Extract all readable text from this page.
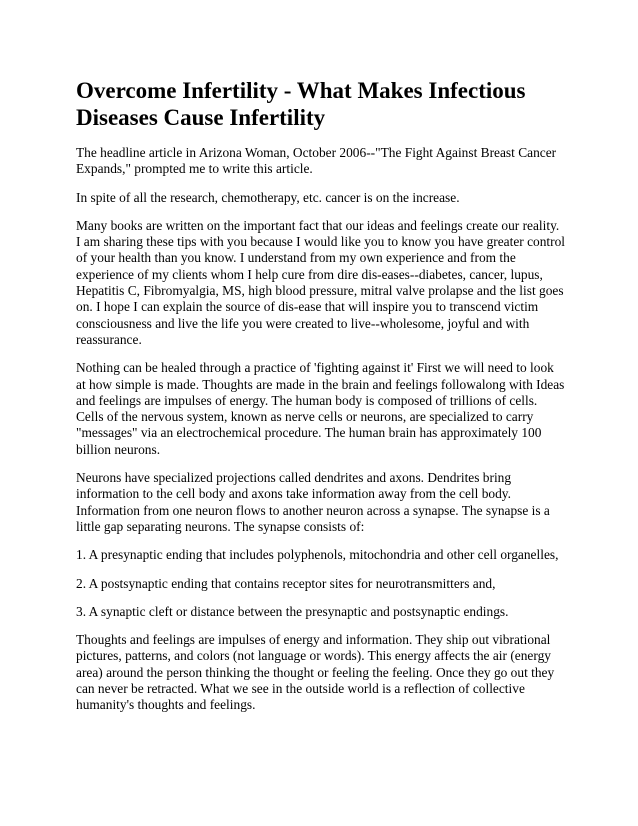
Overcome Infertility - What Makes Infectious Diseases Cause Infertility

The headline article in Arizona Woman, October 2006--"The Fight Against Breast Cancer Expands," prompted me to write this article.

In spite of all the research, chemotherapy, etc. cancer is on the increase.

Many books are written on the important fact that our ideas and feelings create our reality. I am sharing these tips with you because I would like you to know you have greater control of your health than you know. I understand from my own experience and from the experience of my clients whom I help cure from dire dis-eases--diabetes, cancer, lupus, Hepatitis C, Fibromyalgia, MS, high blood pressure, mitral valve prolapse and the list goes on. I hope I can explain the source of dis-ease that will inspire you to transcend victim consciousness and live the life you were created to live--wholesome, joyful and with reassurance.

Nothing can be healed through a practice of 'fighting against it' First we will need to look at how simple is made. Thoughts are made in the brain and feelings followalong with Ideas and feelings are impulses of energy. The human body is composed of trillions of cells. Cells of the nervous system, known as nerve cells or neurons, are specialized to carry "messages" via an electrochemical procedure. The human brain has approximately 100 billion neurons.

Neurons have specialized projections called dendrites and axons. Dendrites bring information to the cell body and axons take information away from the cell body. Information from one neuron flows to another neuron across a synapse. The synapse is a little gap separating neurons. The synapse consists of:

1. A presynaptic ending that includes polyphenols, mitochondria and other cell organelles,

2. A postsynaptic ending that contains receptor sites for neurotransmitters and,

3. A synaptic cleft or distance between the presynaptic and postsynaptic endings.

Thoughts and feelings are impulses of energy and information. They ship out vibrational pictures, patterns, and colors (not language or words). This energy affects the air (energy area) around the person thinking the thought or feeling the feeling. Once they go out they can never be retracted. What we see in the outside world is a reflection of collective humanity's thoughts and feelings.
